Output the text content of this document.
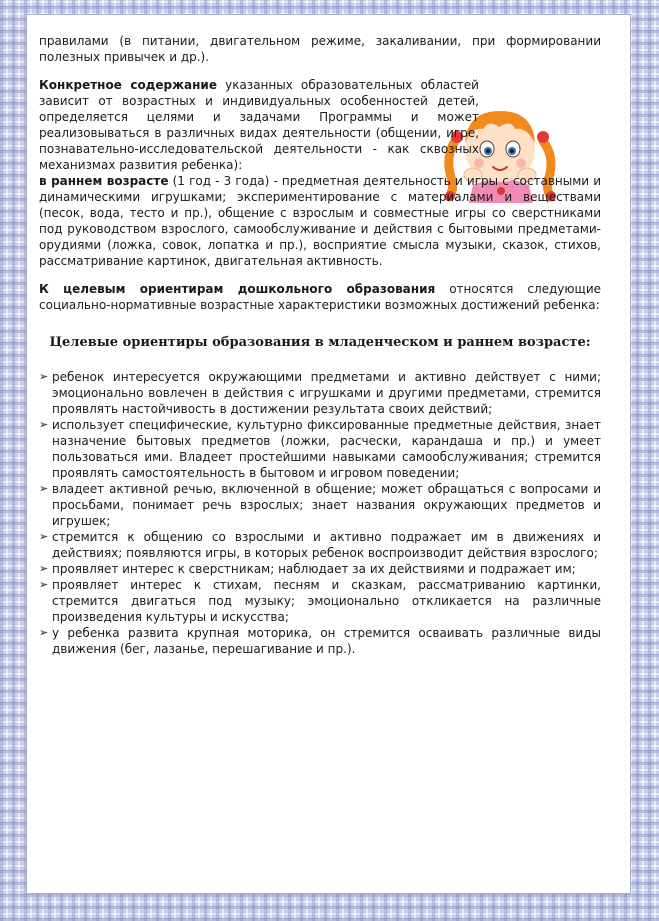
правилами (в питании, двигательном режиме, закаливании, при формировании полезных привычек и др.).

Конкретное содержание указанных образовательных областей зависит от возрастных и индивидуальных особенностей детей, определяется целями и задачами Программы и может реализовываться в различных видах деятельности (общении, игре, познавательно-исследовательской деятельности - как сквозных механизмах развития ребенка):

в раннем возрасте (1 год - 3 года) - предметная деятельность и игры с составными и динамическими игрушками; экспериментирование с материалами и веществами (песок, вода, тесто и пр.), общение с взрослым и совместные игры со сверстниками под руководством взрослого, самообслуживание и действия с бытовыми предметами-орудиями (ложка, совок, лопатка и пр.), восприятие смысла музыки, сказок, стихов, рассматривание картинок, двигательная активность.

К целевым ориентирам дошкольного образования относятся следующие социально-нормативные возрастные характеристики возможных достижений ребенка:

Целевые ориентиры образования в младенческом и раннем возрасте:
➢ ребенок интересуется окружающими предметами и активно действует с ними; эмоционально вовлечен в действия с игрушками и другими предметами, стремится проявлять настойчивость в достижении результата своих действий;
➢ использует специфические, культурно фиксированные предметные действия, знает назначение бытовых предметов (ложки, расчески, карандаша и пр.) и умеет пользоваться ими. Владеет простейшими навыками самообслуживания; стремится проявлять самостоятельность в бытовом и игровом поведении;
➢ владеет активной речью, включенной в общение; может обращаться с вопросами и просьбами, понимает речь взрослых; знает названия окружающих предметов и игрушек;
➢ стремится к общению со взрослыми и активно подражает им в движениях и действиях; появляются игры, в которых ребенок воспроизводит действия взрослого;
➢ проявляет интерес к сверстникам; наблюдает за их действиями и подражает им;
➢ проявляет интерес к стихам, песням и сказкам, рассматриванию картинки, стремится двигаться под музыку; эмоционально откликается на различные произведения культуры и искусства;
➢ у ребенка развита крупная моторика, он стремится осваивать различные виды движения (бег, лазанье, перешагивание и пр.).
